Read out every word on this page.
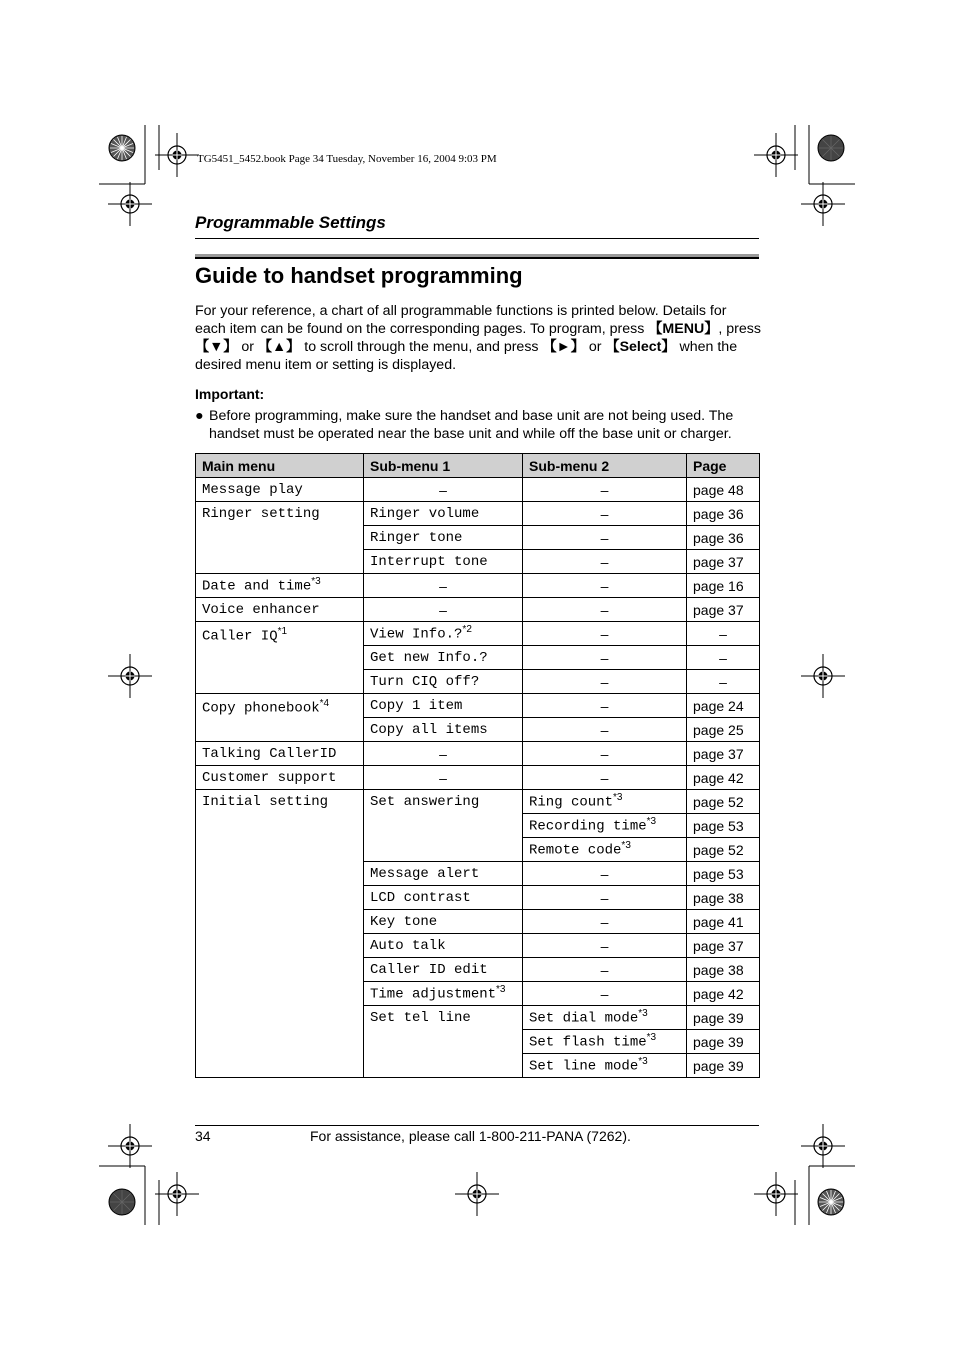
TG5451_5452.book Page 34 Tuesday, November 16, 2004 9:03 PM
Programmable Settings
Guide to handset programming
For your reference, a chart of all programmable functions is printed below. Details for each item can be found on the corresponding pages. To program, press 【MENU】, press 【▼】 or 【▲】 to scroll through the menu, and press 【►】 or 【Select】 when the desired menu item or setting is displayed.
Important:
● Before programming, make sure the handset and base unit are not being used. The handset must be operated near the base unit and while off the base unit or charger.
Main menu	Sub-menu 1	Sub-menu 2	Page
Message play	–	–	page 48
Ringer setting	Ringer volume	–	page 36
	Ringer tone	–	page 36
	Interrupt tone	–	page 37
Date and time$^{*3}$	–	–	page 16
Voice enhancer	–	–	page 37
Caller IQ$^{*1}$	View Info.?$^{*2}$	–	–
	Get new Info.?	–	–
	Turn CIQ off?	–	–
Copy phonebook$^{*4}$	Copy 1 item	–	page 24
	Copy all items	–	page 25
Talking CallerID	–	–	page 37
Customer support	–	–	page 42
Initial setting	Set answering	Ring count$^{*3}$	page 52
		Recording time$^{*3}$	page 53
		Remote code$^{*3}$	page 52
	Message alert	–	page 53
	LCD contrast	–	page 38
	Key tone	–	page 41
	Auto talk	–	page 37
	Caller ID edit	–	page 38
	Time adjustment$^{*3}$	–	page 42
	Set tel line	Set dial mode$^{*3}$	page 39
		Set flash time$^{*3}$	page 39
		Set line mode$^{*3}$	page 39
34	For assistance, please call 1-800-211-PANA (7262).
